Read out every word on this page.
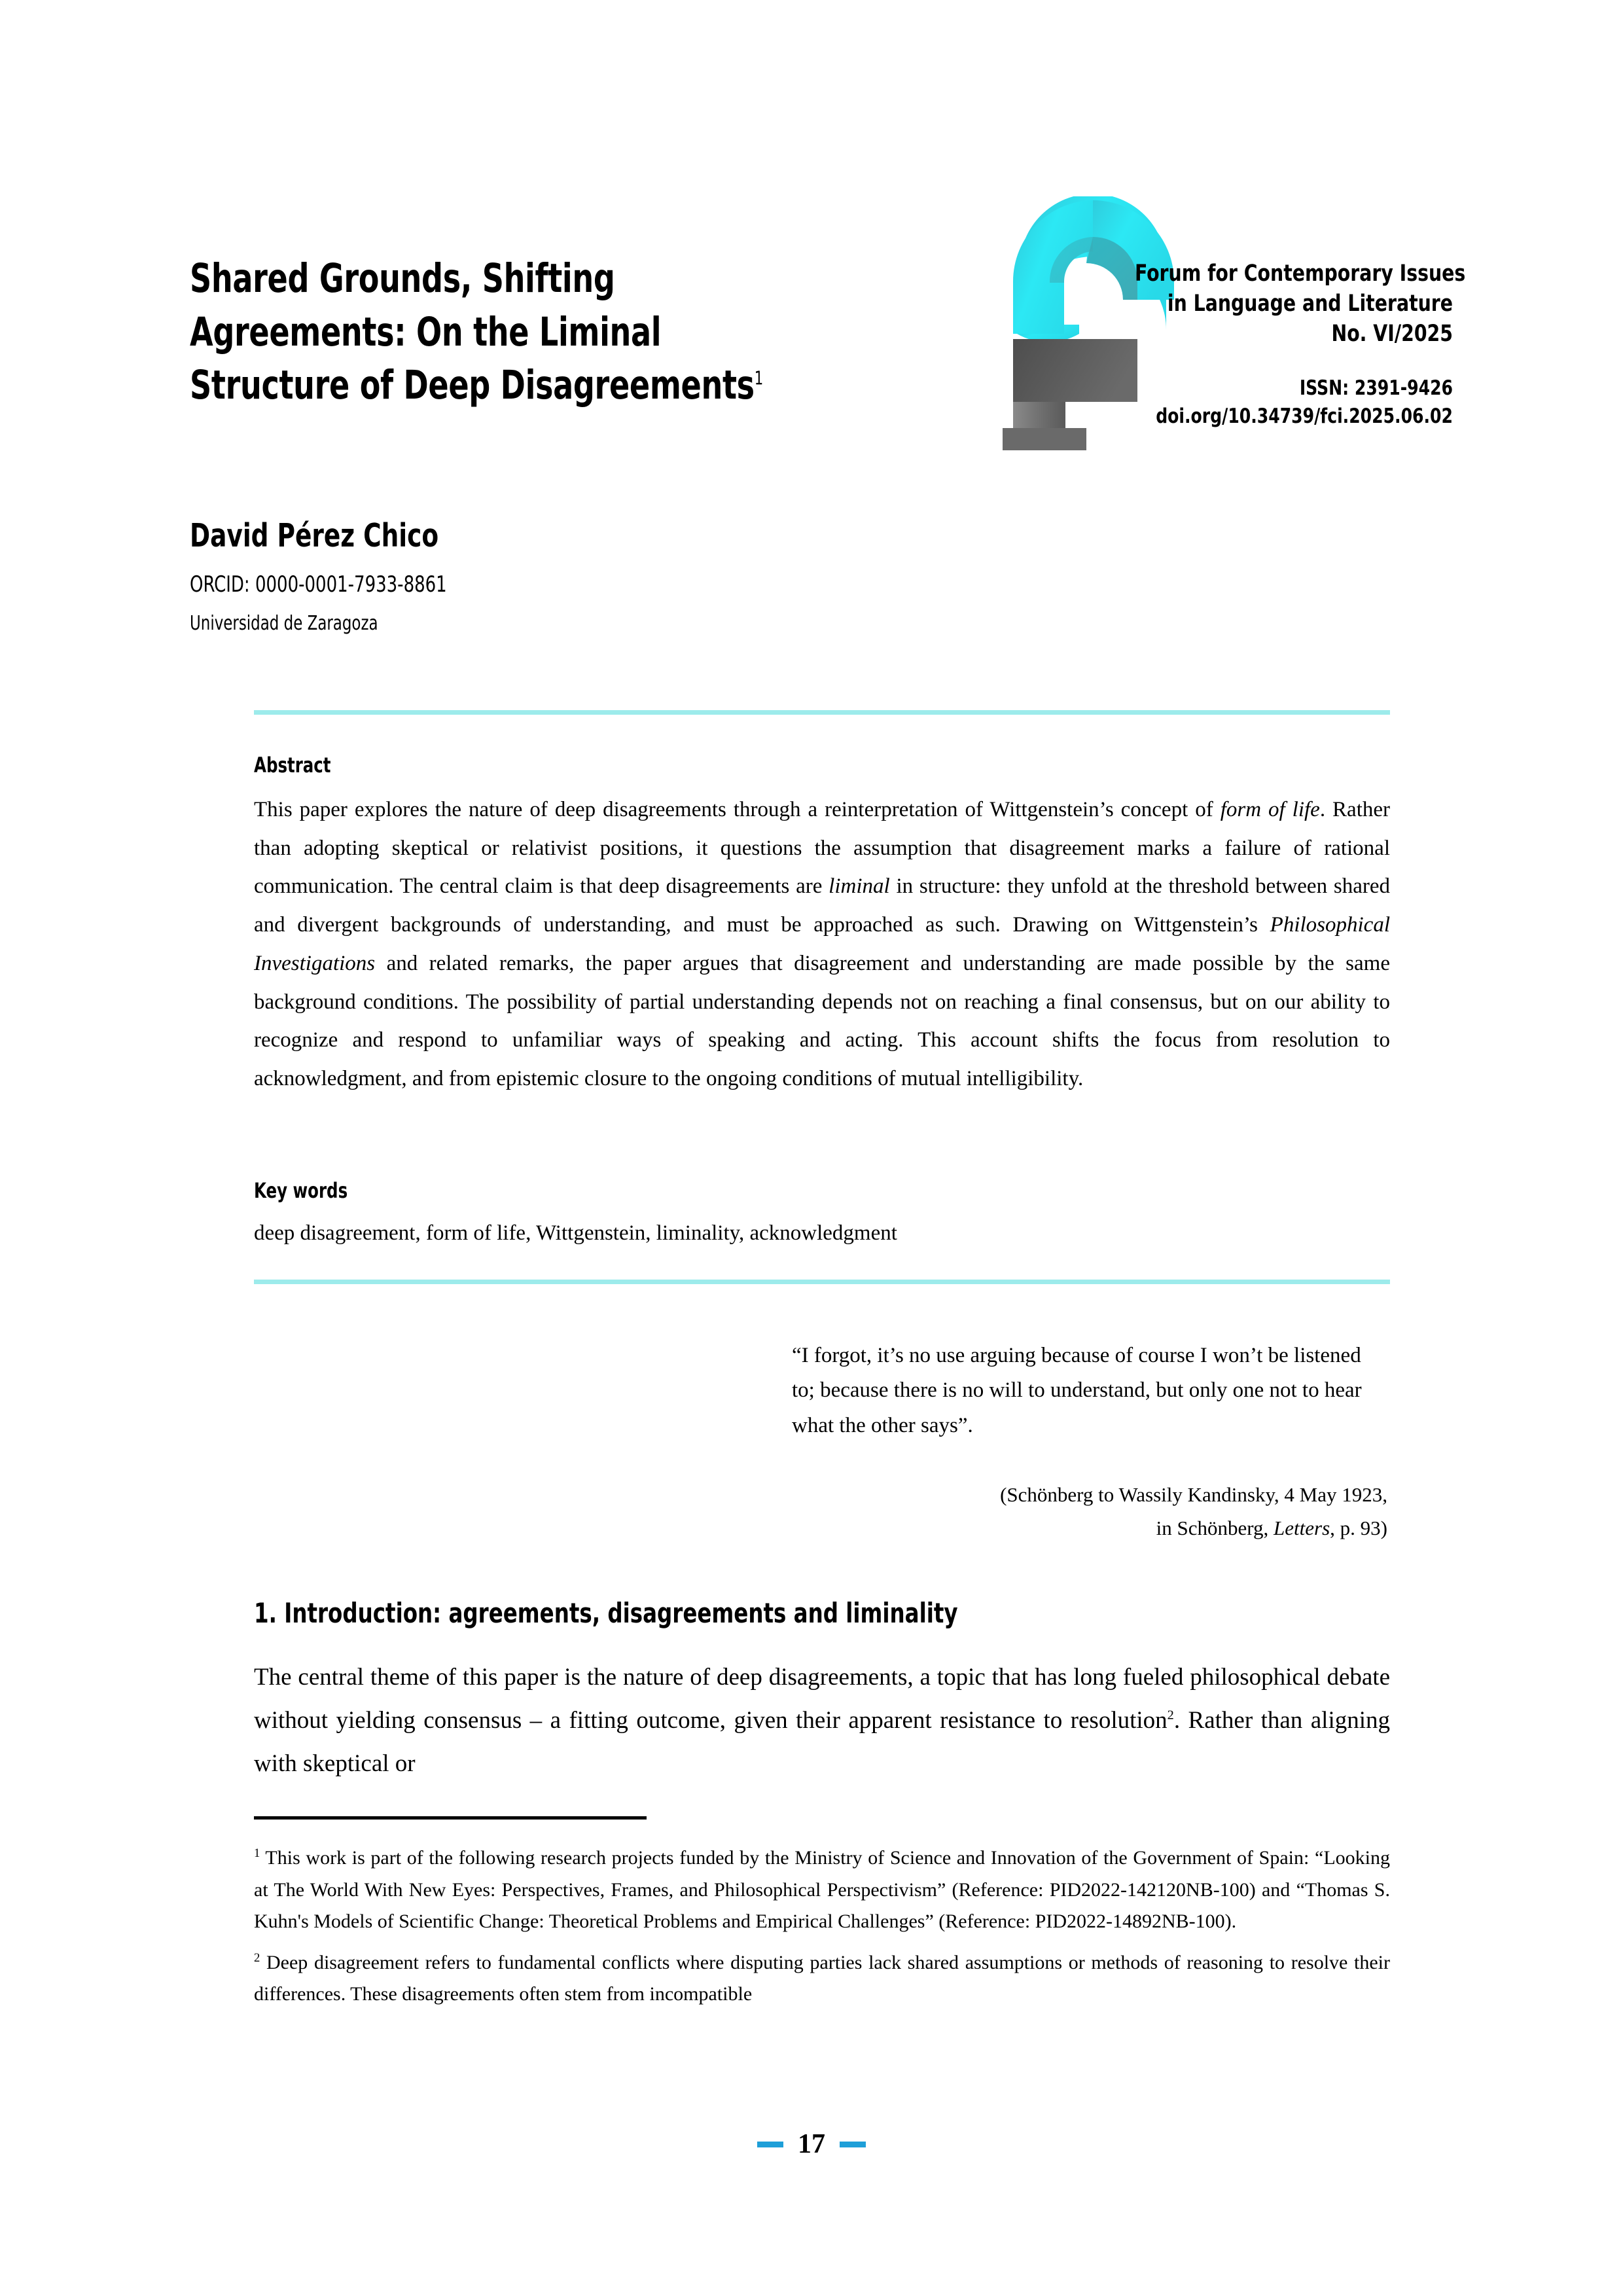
Shared Grounds, Shifting Agreements: On the Liminal Structure of Deep Disagreements$^1$
Forum for Contemporary Issues
in Language and Literature
No. VI/2025
ISSN: 2391-9426
doi.org/10.34739/fci.2025.06.02
David Pérez Chico
ORCID: 0000-0001-7933-8861
Universidad de Zaragoza
Abstract

This paper explores the nature of deep disagreements through a reinterpretation of Wittgenstein’s concept of form of life. Rather than adopting skeptical or relativist positions, it questions the assumption that disagreement marks a failure of rational communication. The central claim is that deep disagreements are liminal in structure: they unfold at the threshold between shared and divergent backgrounds of understanding, and must be approached as such. Drawing on Wittgenstein’s Philosophical Investigations and related remarks, the paper argues that disagreement and understanding are made possible by the same background conditions. The possibility of partial understanding depends not on reaching a final consensus, but on our ability to recognize and respond to unfamiliar ways of speaking and acting. This account shifts the focus from resolution to acknowledgment, and from epistemic closure to the ongoing conditions of mutual intelligibility.

Key words

deep disagreement, form of life, Wittgenstein, liminality, acknowledgment

“I forgot, it’s no use arguing because of course I won’t be listened to; because there is no will to understand, but only one not to hear what the other says”.

(Schönberg to Wassily Kandinsky, 4 May 1923,
in Schönberg, Letters, p. 93)

1. Introduction: agreements, disagreements and liminality

The central theme of this paper is the nature of deep disagreements, a topic that has long fueled philosophical debate without yielding consensus – a fitting outcome, given their apparent resistance to resolution$^2$. Rather than aligning with skeptical or

$^1$ This work is part of the following research projects funded by the Ministry of Science and Innovation of the Government of Spain: “Looking at The World With New Eyes: Perspectives, Frames, and Philosophical Perspectivism” (Reference: PID2022-142120NB-100) and “Thomas S. Kuhn's Models of Scientific Change: Theoretical Problems and Empirical Challenges” (Reference: PID2022-14892NB-100).

$^2$ Deep disagreement refers to fundamental conflicts where disputing parties lack shared assumptions or methods of reasoning to resolve their differences. These disagreements often stem from incompatible

17
